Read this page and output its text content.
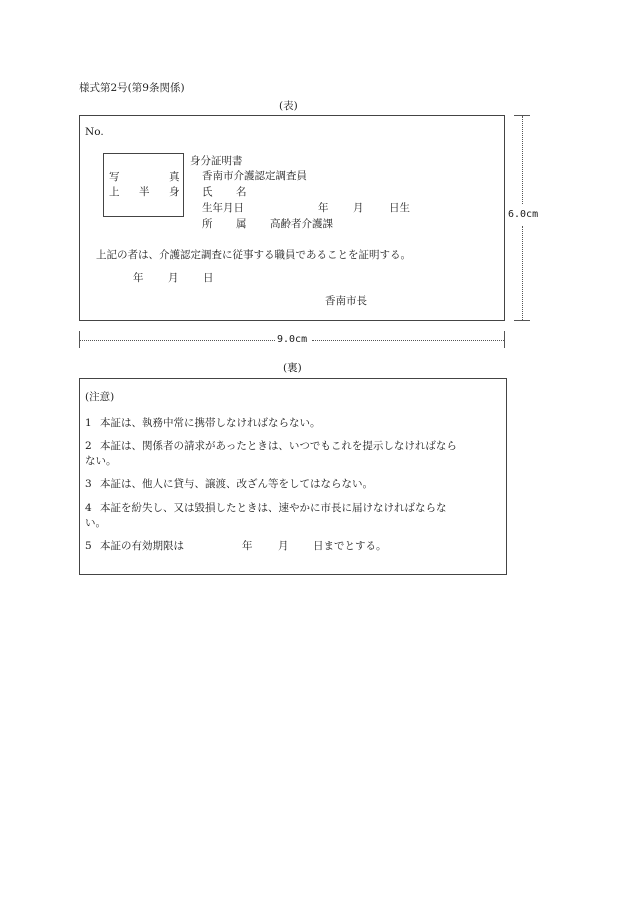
様式第2号(第9条関係)
(表)
No.
写	真
上 半 身
身分証明書
香南市介護認定調査員
氏 名
生年月日	年 月 日生
所 属 高齢者介護課
上記の者は、介護認定調査に従事する職員であることを証明する。
年 月 日
香南市長
6.0cm
9.0cm
(裏)
(注意)
1 本証は、執務中常に携帯しなければならない。
2 本証は、関係者の請求があったときは、いつでもこれを提示しなければなら
ない。
3 本証は、他人に貸与、譲渡、改ざん等をしてはならない。
4 本証を紛失し、又は毀損したときは、速やかに市長に届けなければならな
い。
5 本証の有効期限は	年 月 日までとする。
